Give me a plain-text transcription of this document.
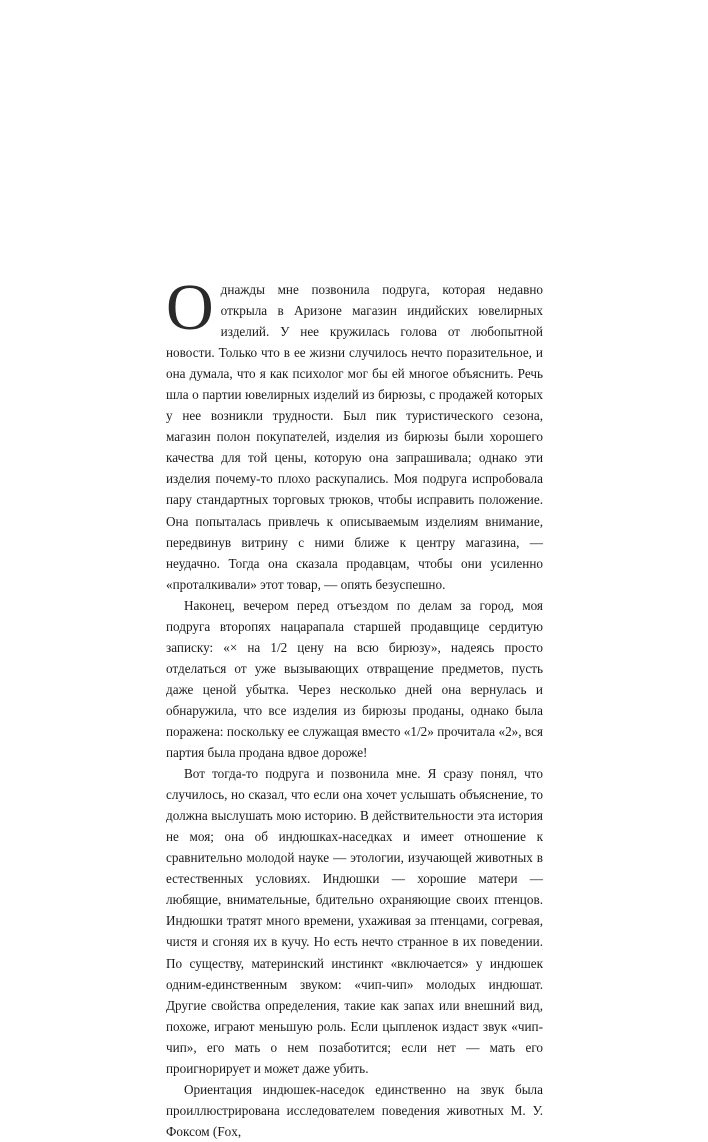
Однажды мне позвонила подруга, которая недавно открыла в Аризоне магазин индийских ювелирных изделий. У нее кружилась голова от любопытной новости. Только что в ее жизни случилось нечто поразительное, и она думала, что я как психолог мог бы ей многое объяснить. Речь шла о партии ювелирных изделий из бирюзы, с продажей которых у нее возникли трудности. Был пик туристического сезона, магазин полон покупателей, изделия из бирюзы были хорошего качества для той цены, которую она запрашивала; однако эти изделия почему-то плохо раскупались. Моя подруга испробовала пару стандартных торговых трюков, чтобы исправить положение. Она попыталась привлечь к описываемым изделиям внимание, передвинув витрину с ними ближе к центру магазина, — неудачно. Тогда она сказала продавцам, чтобы они усиленно «проталкивали» этот товар, — опять безуспешно.

Наконец, вечером перед отъездом по делам за город, моя подруга второпях нацарапала старшей продавщице сердитую записку: «× на 1/2 цену на всю бирюзу», надеясь просто отделаться от уже вызывающих отвращение предметов, пусть даже ценой убытка. Через несколько дней она вернулась и обнаружила, что все изделия из бирюзы проданы, однако была поражена: поскольку ее служащая вместо «1/2» прочитала «2», вся партия была продана вдвое дороже!

Вот тогда-то подруга и позвонила мне. Я сразу понял, что случилось, но сказал, что если она хочет услышать объяснение, то должна выслушать мою историю. В действительности эта история не моя; она об индюшках-наседках и имеет отношение к сравнительно молодой науке — этологии, изучающей животных в естественных условиях. Индюшки — хорошие матери — любящие, внимательные, бдительно охраняющие своих птенцов. Индюшки тратят много времени, ухаживая за птенцами, согревая, чистя и сгоняя их в кучу. Но есть нечто странное в их поведении. По существу, материнский инстинкт «включается» у индюшек одним-единственным звуком: «чип-чип» молодых индюшат. Другие свойства определения, такие как запах или внешний вид, похоже, играют меньшую роль. Если цыпленок издаст звук «чип-чип», его мать о нем позаботится; если нет — мать его проигнорирует и может даже убить.

Ориентация индюшек-наседок единственно на звук была проиллюстрирована исследователем поведения животных М. У. Фоксом (Fox,
